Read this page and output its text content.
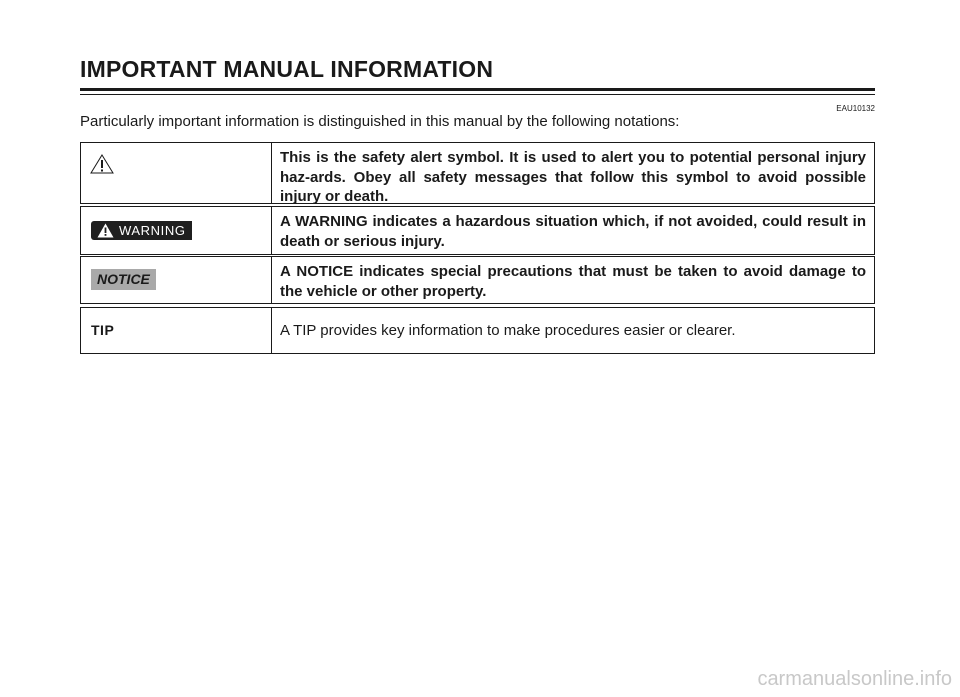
IMPORTANT MANUAL INFORMATION
EAU10132
Particularly important information is distinguished in this manual by the following notations:
This is the safety alert symbol. It is used to alert you to potential personal injury haz-ards. Obey all safety messages that follow this symbol to avoid possible injury or death.
WARNING
A WARNING indicates a hazardous situation which, if not avoided, could result in death or serious injury.
NOTICE	A NOTICE indicates special precautions that must be taken to avoid damage to the vehicle or other property.
TIP	A TIP provides key information to make procedures easier or clearer.
carmanualsonline.info
